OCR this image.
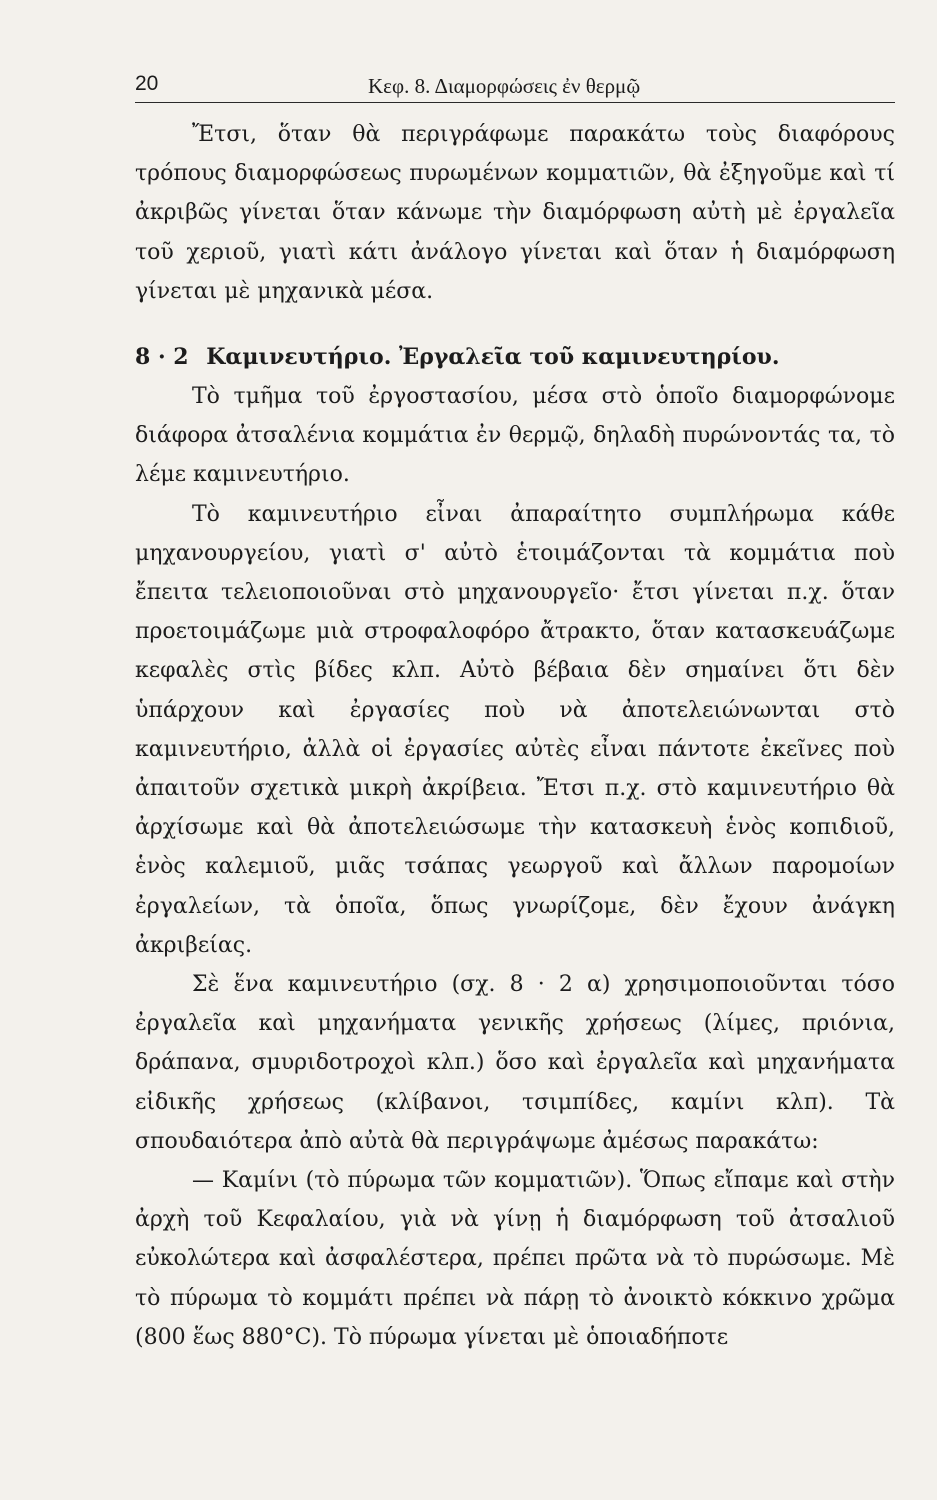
20	Κεφ. 8. Διαμορφώσεις ἐν θερμῷ

Ἔτσι, ὅταν θὰ περιγράφωμε παρακάτω τοὺς διαφόρους τρόπους διαμορφώσεως πυρωμένων κομματιῶν, θὰ ἐξηγοῦμε καὶ τί ἀκριβῶς γίνεται ὅταν κάνωμε τὴν διαμόρφωση αὐτὴ μὲ ἐργαλεῖα τοῦ χεριοῦ, γιατὶ κάτι ἀνάλογο γίνεται καὶ ὅταν ἡ διαμόρφωση γίνεται μὲ μηχανικὰ μέσα.

8 · 2 Καμινευτήριο. Ἐργαλεῖα τοῦ καμινευτηρίου.

Τὸ τμῆμα τοῦ ἐργοστασίου, μέσα στὸ ὁποῖο διαμορφώνομε διάφορα ἀτσαλένια κομμάτια ἐν θερμῷ, δηλαδὴ πυρώνοντάς τα, τὸ λέμε καμινευτήριο.

Τὸ καμινευτήριο εἶναι ἀπαραίτητο συμπλήρωμα κάθε μηχανουργείου, γιατὶ σ' αὐτὸ ἑτοιμάζονται τὰ κομμάτια ποὺ ἔπειτα τελειοποιοῦναι στὸ μηχανουργεῖο· ἔτσι γίνεται π.χ. ὅταν προετοιμάζωμε μιὰ στροφαλοφόρο ἄτρακτο, ὅταν κατασκευάζωμε κεφαλὲς στὶς βίδες κλπ. Αὐτὸ βέβαια δὲν σημαίνει ὅτι δὲν ὑπάρχουν καὶ ἐργασίες ποὺ νὰ ἀποτελειώνωνται στὸ καμινευτήριο, ἀλλὰ οἱ ἐργασίες αὐτὲς εἶναι πάντοτε ἐκεῖνες ποὺ ἀπαιτοῦν σχετικὰ μικρὴ ἀκρίβεια. Ἔτσι π.χ. στὸ καμινευτήριο θὰ ἀρχίσωμε καὶ θὰ ἀποτελειώσωμε τὴν κατασκευὴ ἑνὸς κοπιδιοῦ, ἑνὸς καλεμιοῦ, μιᾶς τσάπας γεωργοῦ καὶ ἄλλων παρομοίων ἐργαλείων, τὰ ὁποῖα, ὅπως γνωρίζομε, δὲν ἔχουν ἀνάγκη ἀκριβείας.

Σὲ ἕνα καμινευτήριο (σχ. 8 · 2 α) χρησιμοποιοῦνται τόσο ἐργαλεῖα καὶ μηχανήματα γενικῆς χρήσεως (λίμες, πριόνια, δράπανα, σμυριδοτροχοὶ κλπ.) ὅσο καὶ ἐργαλεῖα καὶ μηχανήματα εἰδικῆς χρήσεως (κλίβανοι, τσιμπίδες, καμίνι κλπ). Τὰ σπουδαιότερα ἀπὸ αὐτὰ θὰ περιγράψωμε ἀμέσως παρακάτω:

— Καμίνι (τὸ πύρωμα τῶν κομματιῶν). Ὅπως εἴπαμε καὶ στὴν ἀρχὴ τοῦ Κεφαλαίου, γιὰ νὰ γίνῃ ἡ διαμόρφωση τοῦ ἀτσαλιοῦ εὐκολώτερα καὶ ἀσφαλέστερα, πρέπει πρῶτα νὰ τὸ πυρώσωμε. Μὲ τὸ πύρωμα τὸ κομμάτι πρέπει νὰ πάρῃ τὸ ἀνοικτὸ κόκκινο χρῶμα (800 ἕως 880°C). Τὸ πύρωμα γίνεται μὲ ὁποιαδήποτε
